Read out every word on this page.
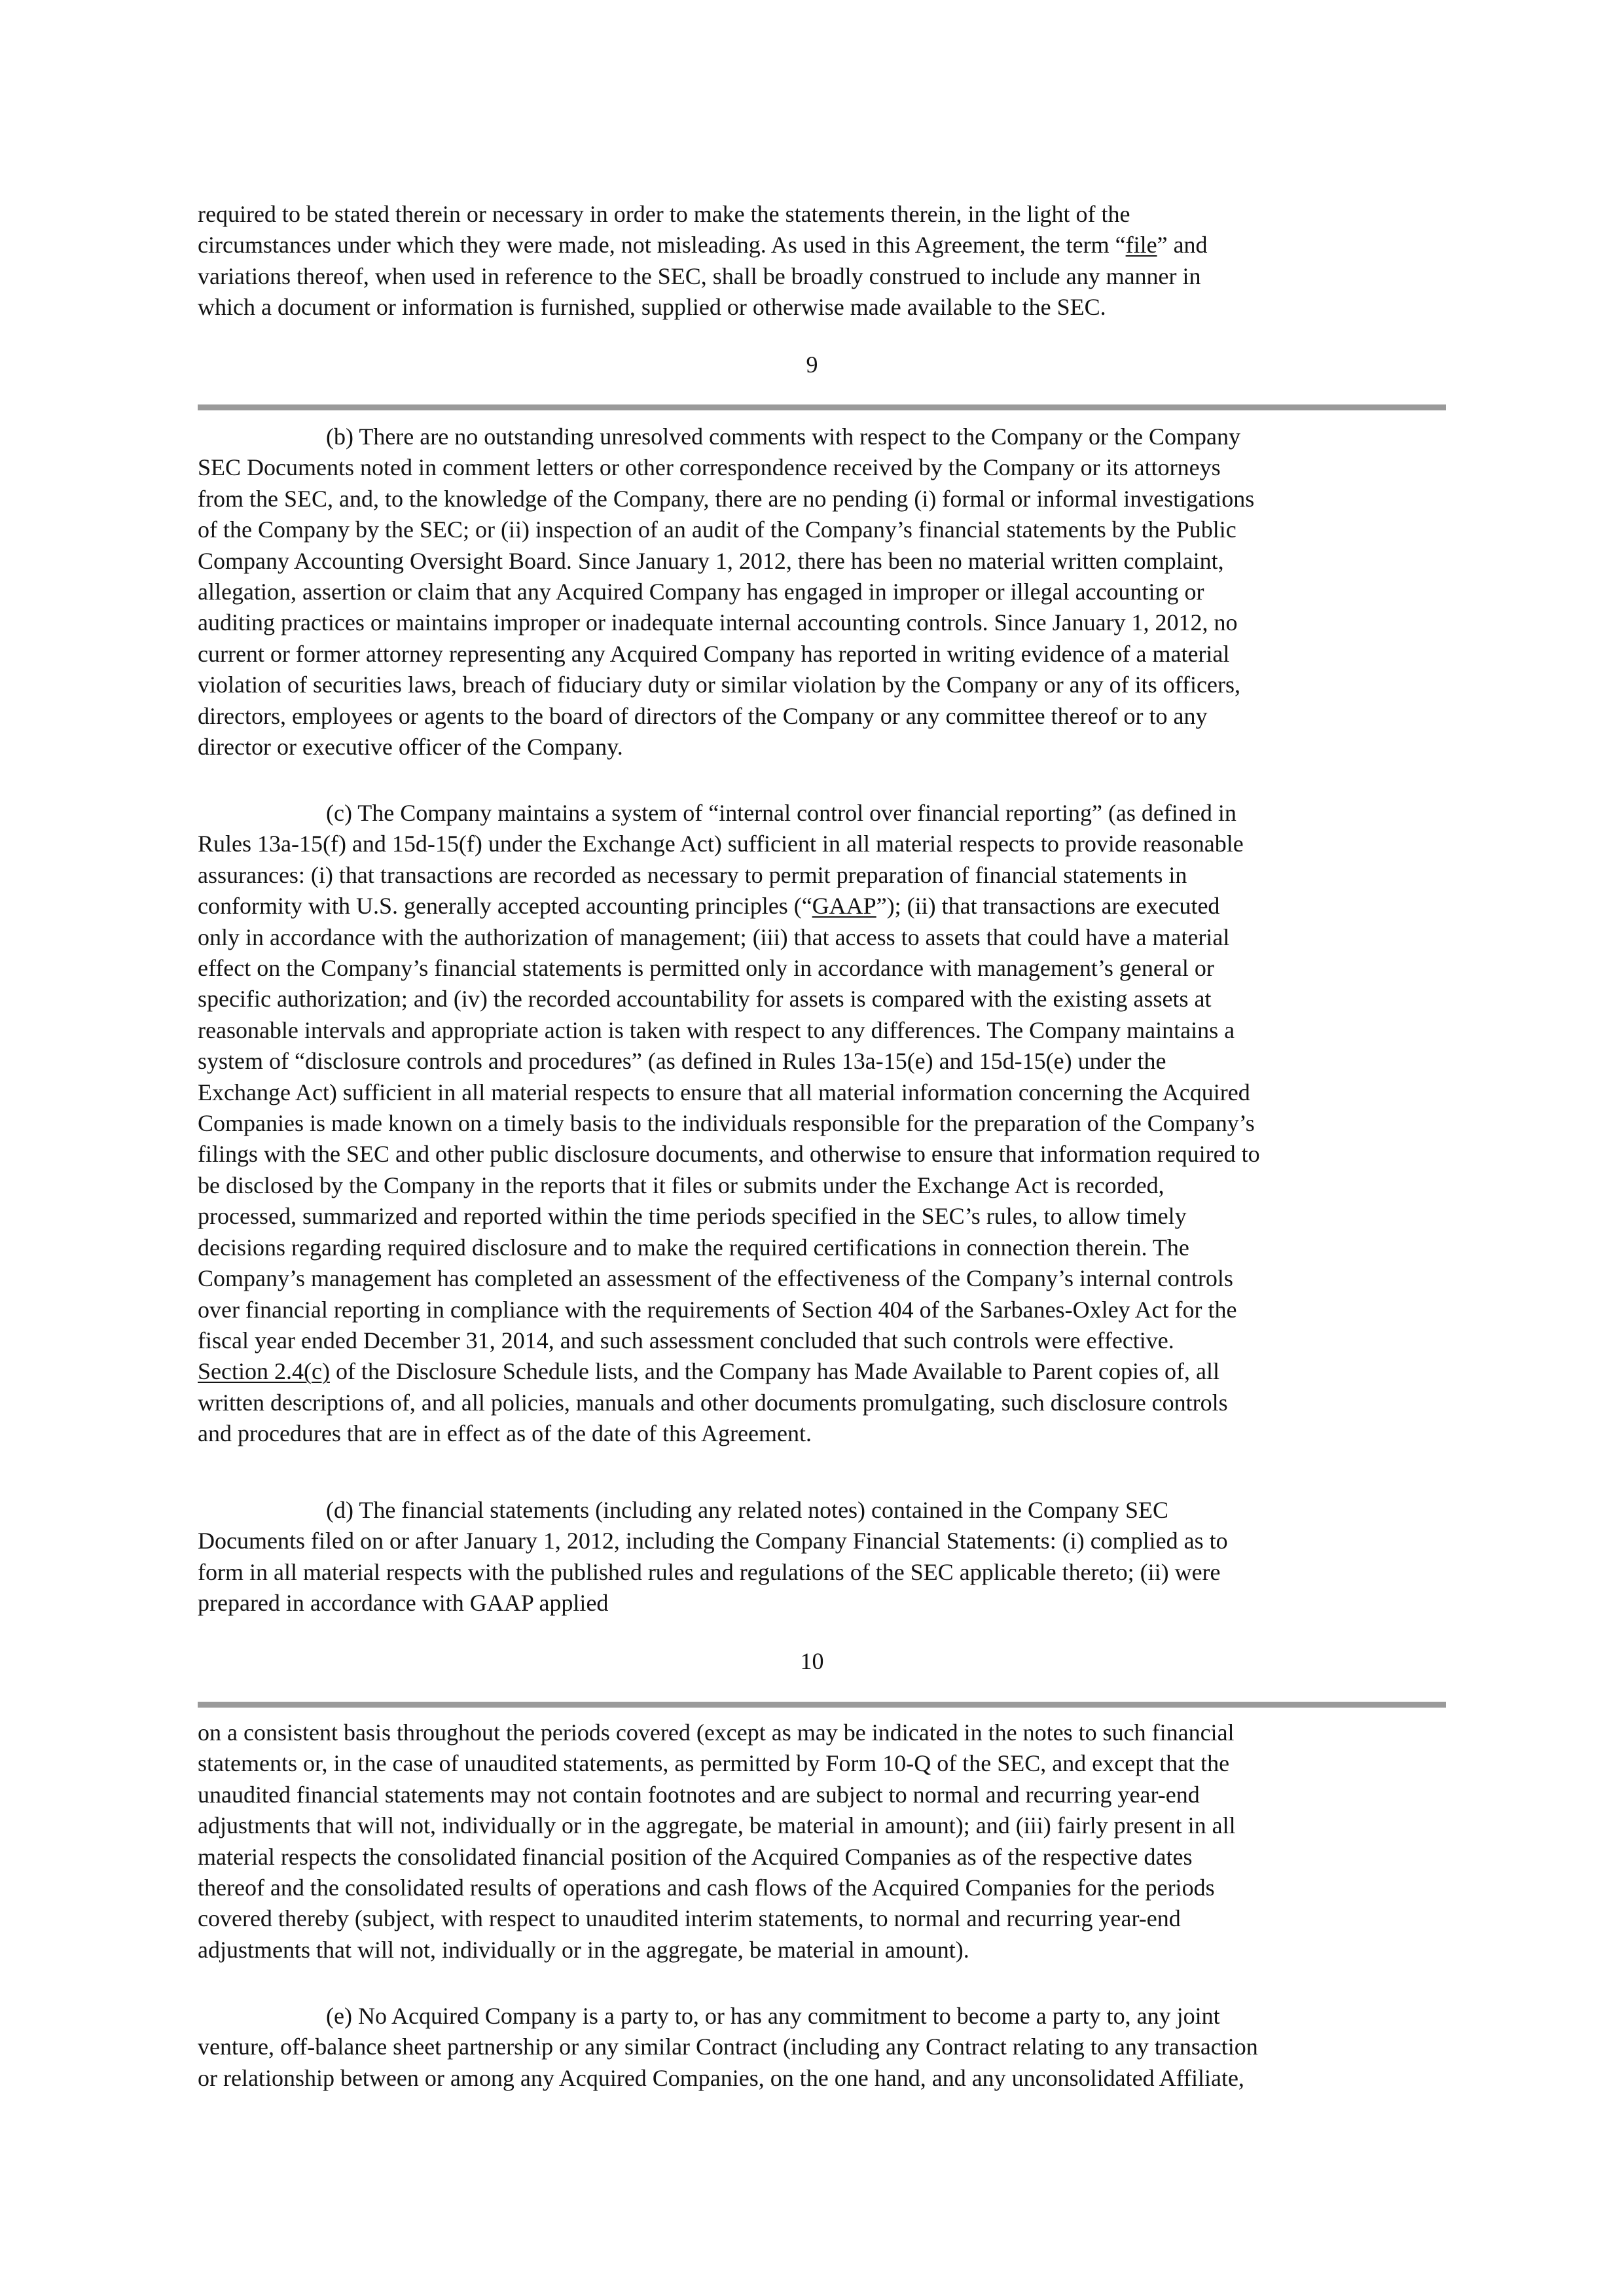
required to be stated therein or necessary in order to make the statements therein, in the light of the
circumstances under which they were made, not misleading. As used in this Agreement, the term “file” and
variations thereof, when used in reference to the SEC, shall be broadly construed to include any manner in
which a document or information is furnished, supplied or otherwise made available to the SEC.

9

(b) There are no outstanding unresolved comments with respect to the Company or the Company
SEC Documents noted in comment letters or other correspondence received by the Company or its attorneys
from the SEC, and, to the knowledge of the Company, there are no pending (i) formal or informal investigations
of the Company by the SEC; or (ii) inspection of an audit of the Company’s financial statements by the Public
Company Accounting Oversight Board. Since January 1, 2012, there has been no material written complaint,
allegation, assertion or claim that any Acquired Company has engaged in improper or illegal accounting or
auditing practices or maintains improper or inadequate internal accounting controls. Since January 1, 2012, no
current or former attorney representing any Acquired Company has reported in writing evidence of a material
violation of securities laws, breach of fiduciary duty or similar violation by the Company or any of its officers,
directors, employees or agents to the board of directors of the Company or any committee thereof or to any
director or executive officer of the Company.

(c) The Company maintains a system of “internal control over financial reporting” (as defined in
Rules 13a-15(f) and 15d-15(f) under the Exchange Act) sufficient in all material respects to provide reasonable
assurances: (i) that transactions are recorded as necessary to permit preparation of financial statements in
conformity with U.S. generally accepted accounting principles (“GAAP”); (ii) that transactions are executed
only in accordance with the authorization of management; (iii) that access to assets that could have a material
effect on the Company’s financial statements is permitted only in accordance with management’s general or
specific authorization; and (iv) the recorded accountability for assets is compared with the existing assets at
reasonable intervals and appropriate action is taken with respect to any differences. The Company maintains a
system of “disclosure controls and procedures” (as defined in Rules 13a-15(e) and 15d-15(e) under the
Exchange Act) sufficient in all material respects to ensure that all material information concerning the Acquired
Companies is made known on a timely basis to the individuals responsible for the preparation of the Company’s
filings with the SEC and other public disclosure documents, and otherwise to ensure that information required to
be disclosed by the Company in the reports that it files or submits under the Exchange Act is recorded,
processed, summarized and reported within the time periods specified in the SEC’s rules, to allow timely
decisions regarding required disclosure and to make the required certifications in connection therein. The
Company’s management has completed an assessment of the effectiveness of the Company’s internal controls
over financial reporting in compliance with the requirements of Section 404 of the Sarbanes-Oxley Act for the
fiscal year ended December 31, 2014, and such assessment concluded that such controls were effective.
Section 2.4(c) of the Disclosure Schedule lists, and the Company has Made Available to Parent copies of, all
written descriptions of, and all policies, manuals and other documents promulgating, such disclosure controls
and procedures that are in effect as of the date of this Agreement.

(d) The financial statements (including any related notes) contained in the Company SEC
Documents filed on or after January 1, 2012, including the Company Financial Statements: (i) complied as to
form in all material respects with the published rules and regulations of the SEC applicable thereto; (ii) were
prepared in accordance with GAAP applied

10

on a consistent basis throughout the periods covered (except as may be indicated in the notes to such financial
statements or, in the case of unaudited statements, as permitted by Form 10-Q of the SEC, and except that the
unaudited financial statements may not contain footnotes and are subject to normal and recurring year-end
adjustments that will not, individually or in the aggregate, be material in amount); and (iii) fairly present in all
material respects the consolidated financial position of the Acquired Companies as of the respective dates
thereof and the consolidated results of operations and cash flows of the Acquired Companies for the periods
covered thereby (subject, with respect to unaudited interim statements, to normal and recurring year-end
adjustments that will not, individually or in the aggregate, be material in amount).

(e) No Acquired Company is a party to, or has any commitment to become a party to, any joint
venture, off-balance sheet partnership or any similar Contract (including any Contract relating to any transaction
or relationship between or among any Acquired Companies, on the one hand, and any unconsolidated Affiliate,
